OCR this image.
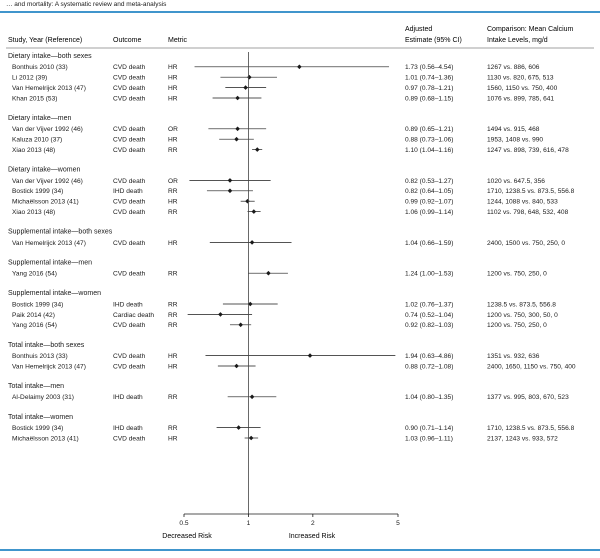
… and mortality: A systematic review and meta-analysis
Study, Year (Reference)	Outcome	Metric
Adjusted
Estimate (95% CI)
Comparison: Mean Calcium
Intake Levels, mg/d
Dietary intake—both sexes
Bonthuis 2010 (33)	CVD death	HR	1.73 (0.56–4.54)	1267 vs. 886, 606
Li 2012 (39)	CVD death	HR	1.01 (0.74–1.36)	1130 vs. 820, 675, 513
Van Hemelrijck 2013 (47)	CVD death	HR	0.97 (0.78–1.21)	1560, 1150 vs. 750, 400
Khan 2015 (53)	CVD death	HR	0.89 (0.68–1.15)	1076 vs. 899, 785, 641
Dietary intake—men
Van der Vijver 1992 (46)	CVD death	OR	0.89 (0.65–1.21)	1494 vs. 915, 468
Kaluza 2010 (37)	CVD death	HR	0.88 (0.73–1.06)	1953, 1408 vs. 990
Xiao 2013 (48)	CVD death	RR	1.10 (1.04–1.16)	1247 vs. 898, 739, 616, 478
Dietary intake—women
Van der Vijver 1992 (46)	CVD death	OR	0.82 (0.53–1.27)	1020 vs. 647.5, 356
Bostick 1999 (34)	IHD death	RR	0.82 (0.64–1.05)	1710, 1238.5 vs. 873.5, 556.8
Michaëlsson 2013 (41)	CVD death	HR	0.99 (0.92–1.07)	1244, 1088 vs. 840, 533
Xiao 2013 (48)	CVD death	RR	1.06 (0.99–1.14)	1102 vs. 798, 648, 532, 408
Supplemental intake—both sexes
Van Hemelrijck 2013 (47)	CVD death	HR	1.04 (0.66–1.59)	2400, 1500 vs. 750, 250, 0
Supplemental intake—men
Yang 2016 (54)	CVD death	RR	1.24 (1.00–1.53)	1200 vs. 750, 250, 0
Supplemental intake—women
Bostick 1999 (34)	IHD death	RR	1.02 (0.76–1.37)	1238.5 vs. 873.5, 556.8
Paik 2014 (42)	Cardiac death RR	0.74 (0.52–1.04)	1200 vs. 750, 300, 50, 0
Yang 2016 (54)	CVD death	RR	0.92 (0.82–1.03)	1200 vs. 750, 250, 0
Total intake—both sexes
Bonthuis 2013 (33)	CVD death	HR	1.94 (0.63–4.86)	1351 vs. 932, 636
Van Hemelrijck 2013 (47)	CVD death	HR	0.88 (0.72–1.08)	2400, 1650, 1150 vs. 750, 400
Total intake—men
Al-Delaimy 2003 (31)	IHD death	RR	1.04 (0.80–1.35)	1377 vs. 995, 803, 670, 523
Total intake—women
Bostick 1999 (34)	IHD death	RR	0.90 (0.71–1.14)	1710, 1238.5 vs. 873.5, 556.8
Michaëlsson 2013 (41)	CVD death	HR	1.03 (0.96–1.11)	2137, 1243 vs. 933, 572
0.5	1	2	5
Decreased Risk	Increased Risk
